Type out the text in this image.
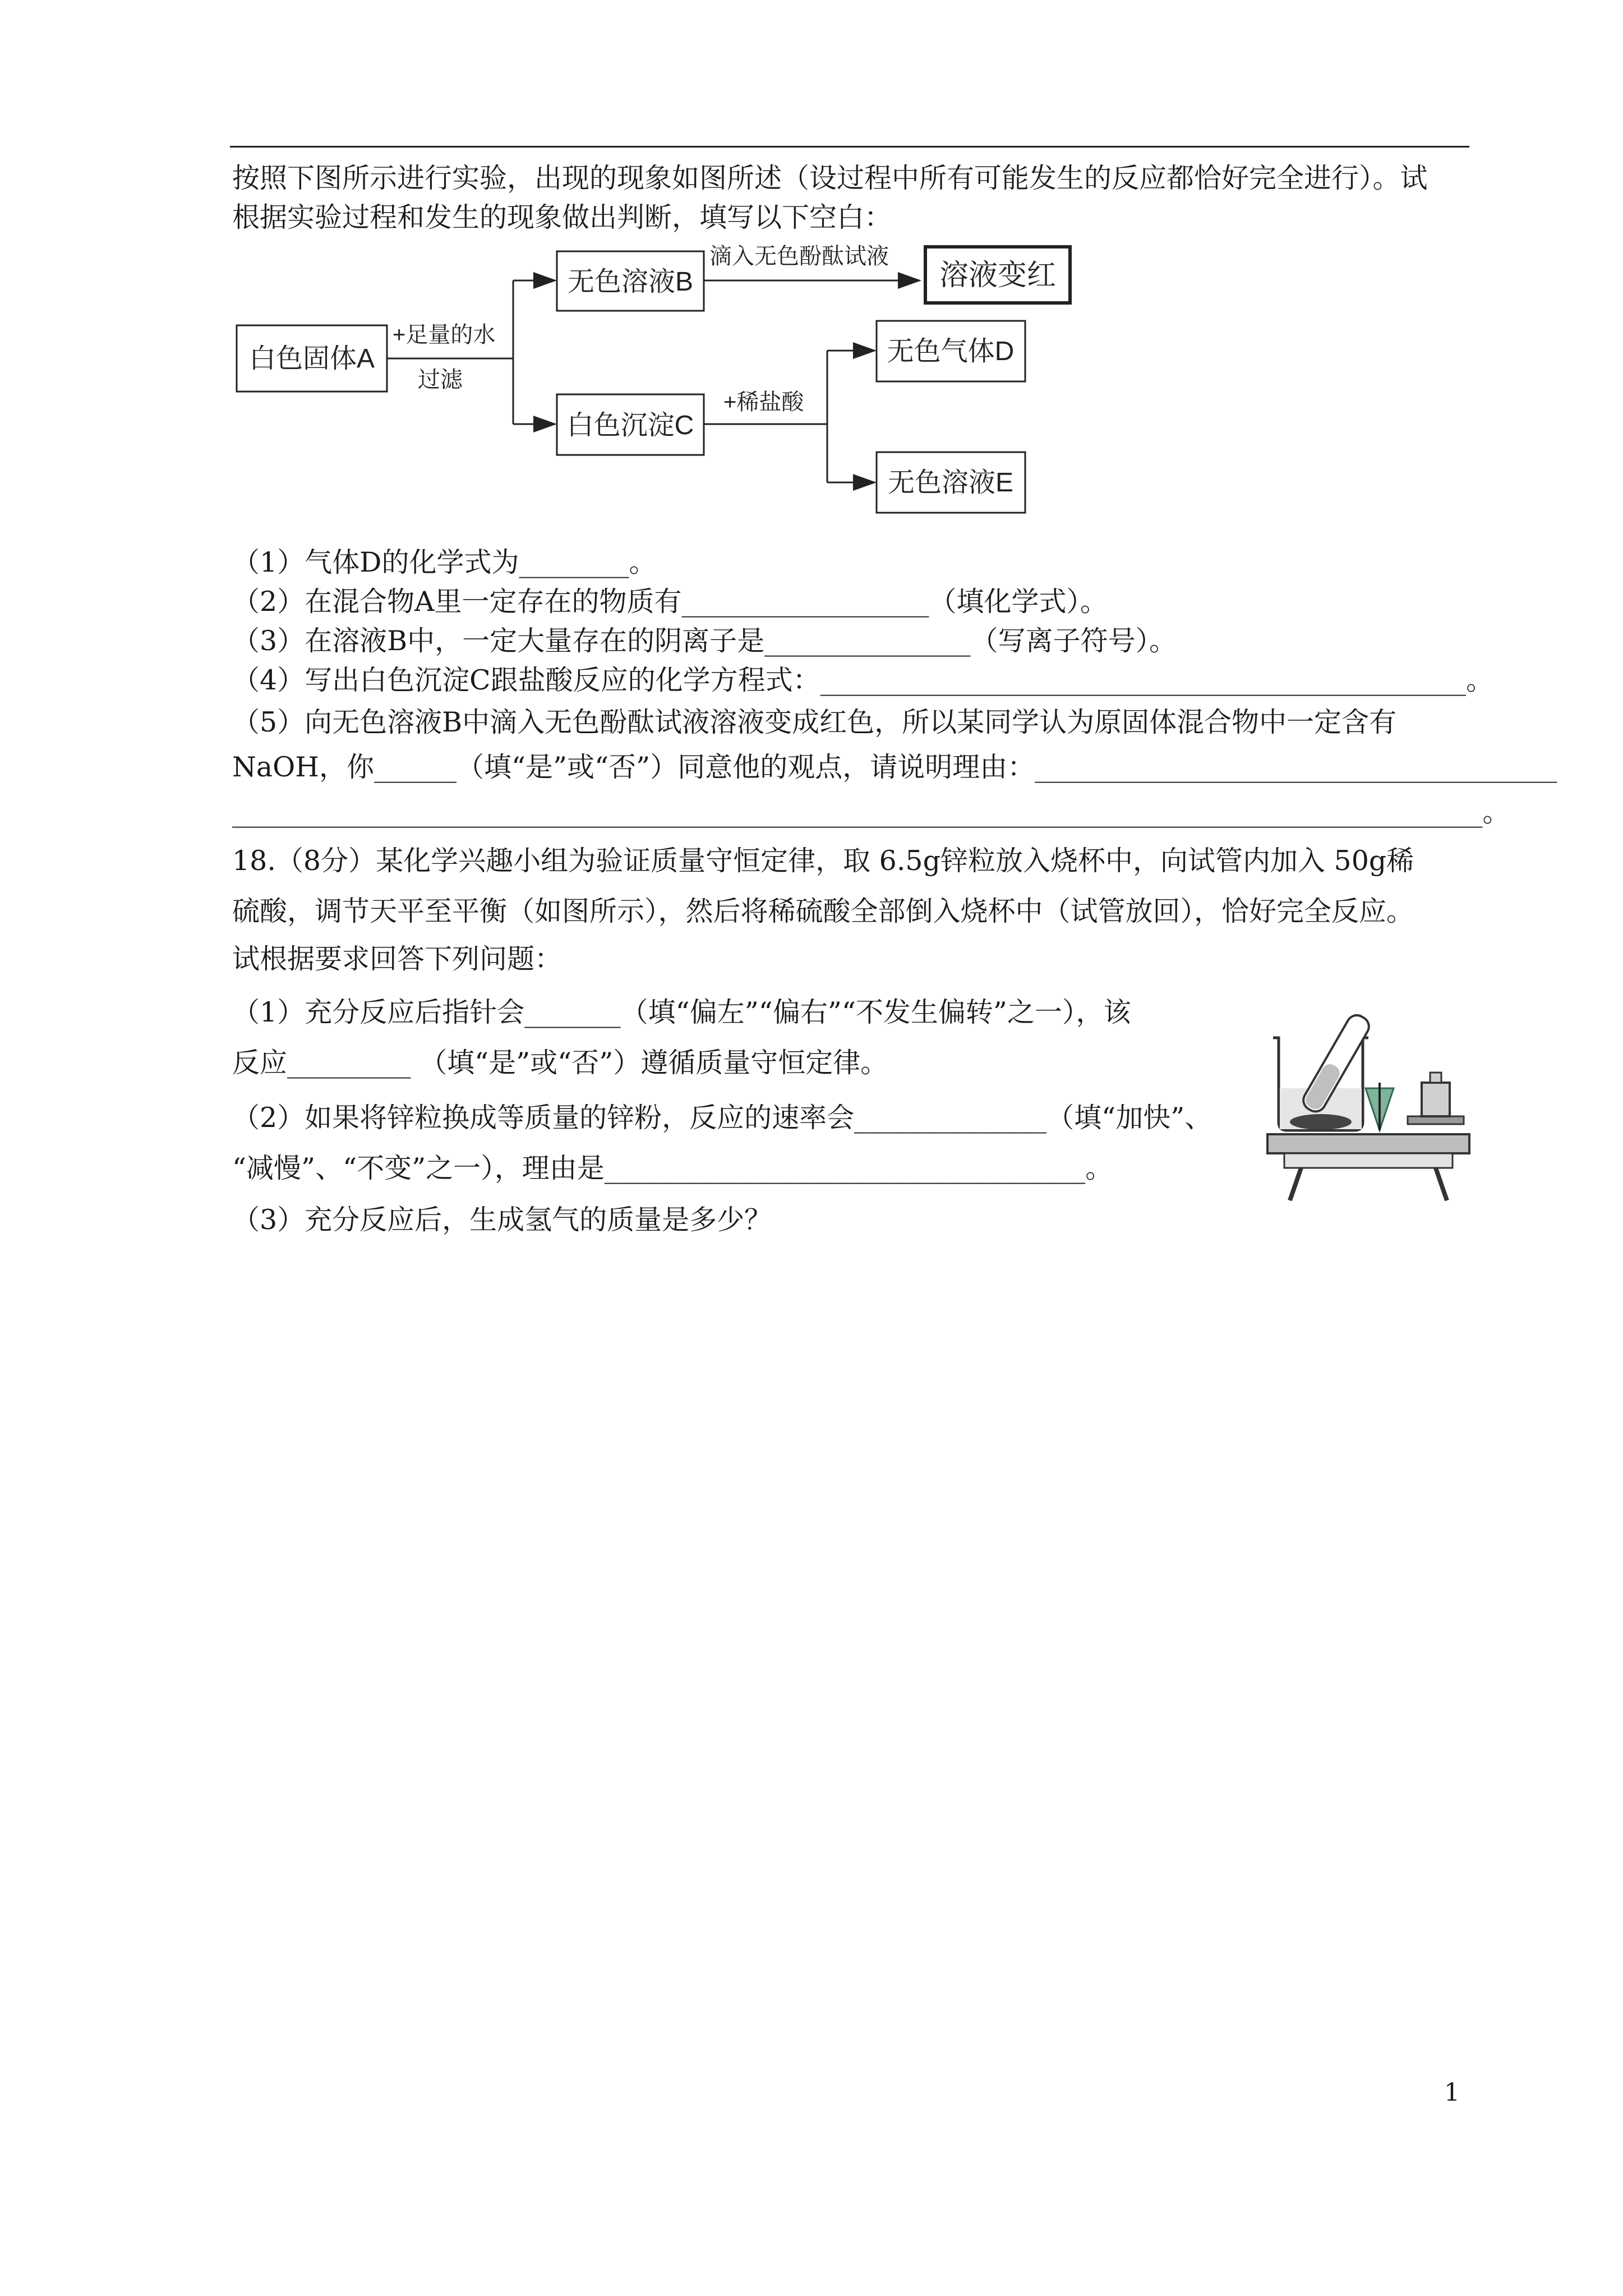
按照下图所示进行实验，出现的现象如图所述（设过程中所有可能发生的反应都恰好完全进行）。试
根据实验过程和发生的现象做出判断，填写以下空白：
白色固体A
+足量的水
过滤
无色溶液B
滴入无色酚酞试液
溶液变红
白色沉淀C
+稀盐酸
无色气体D
无色溶液E
（1）气体D的化学式为________。
（2）在混合物A里一定存在的物质有__________________（填化学式）。
（3）在溶液B中，一定大量存在的阴离子是_______________（写离子符号）。
（4）写出白色沉淀C跟盐酸反应的化学方程式：_______________________________________________。
（5）向无色溶液B中滴入无色酚酞试液溶液变成红色，所以某同学认为原固体混合物中一定含有
NaOH，你______（填“是”或“否”）同意他的观点，请说明理由：______________________________________
___________________________________________________________________________________________。
18.（8分）某化学兴趣小组为验证质量守恒定律，取 6.5g锌粒放入烧杯中，向试管内加入 50g稀
硫酸，调节天平至平衡（如图所示），然后将稀硫酸全部倒入烧杯中（试管放回），恰好完全反应。
试根据要求回答下列问题：
（1）充分反应后指针会_______（填“偏左”“偏右”“不发生偏转”之一），该
反应_________ （填“是”或“否”）遵循质量守恒定律。
（2）如果将锌粒换成等质量的锌粉，反应的速率会______________（填“加快”、
“减慢”、“不变”之一），理由是___________________________________。
（3）充分反应后，生成氢气的质量是多少？
1
